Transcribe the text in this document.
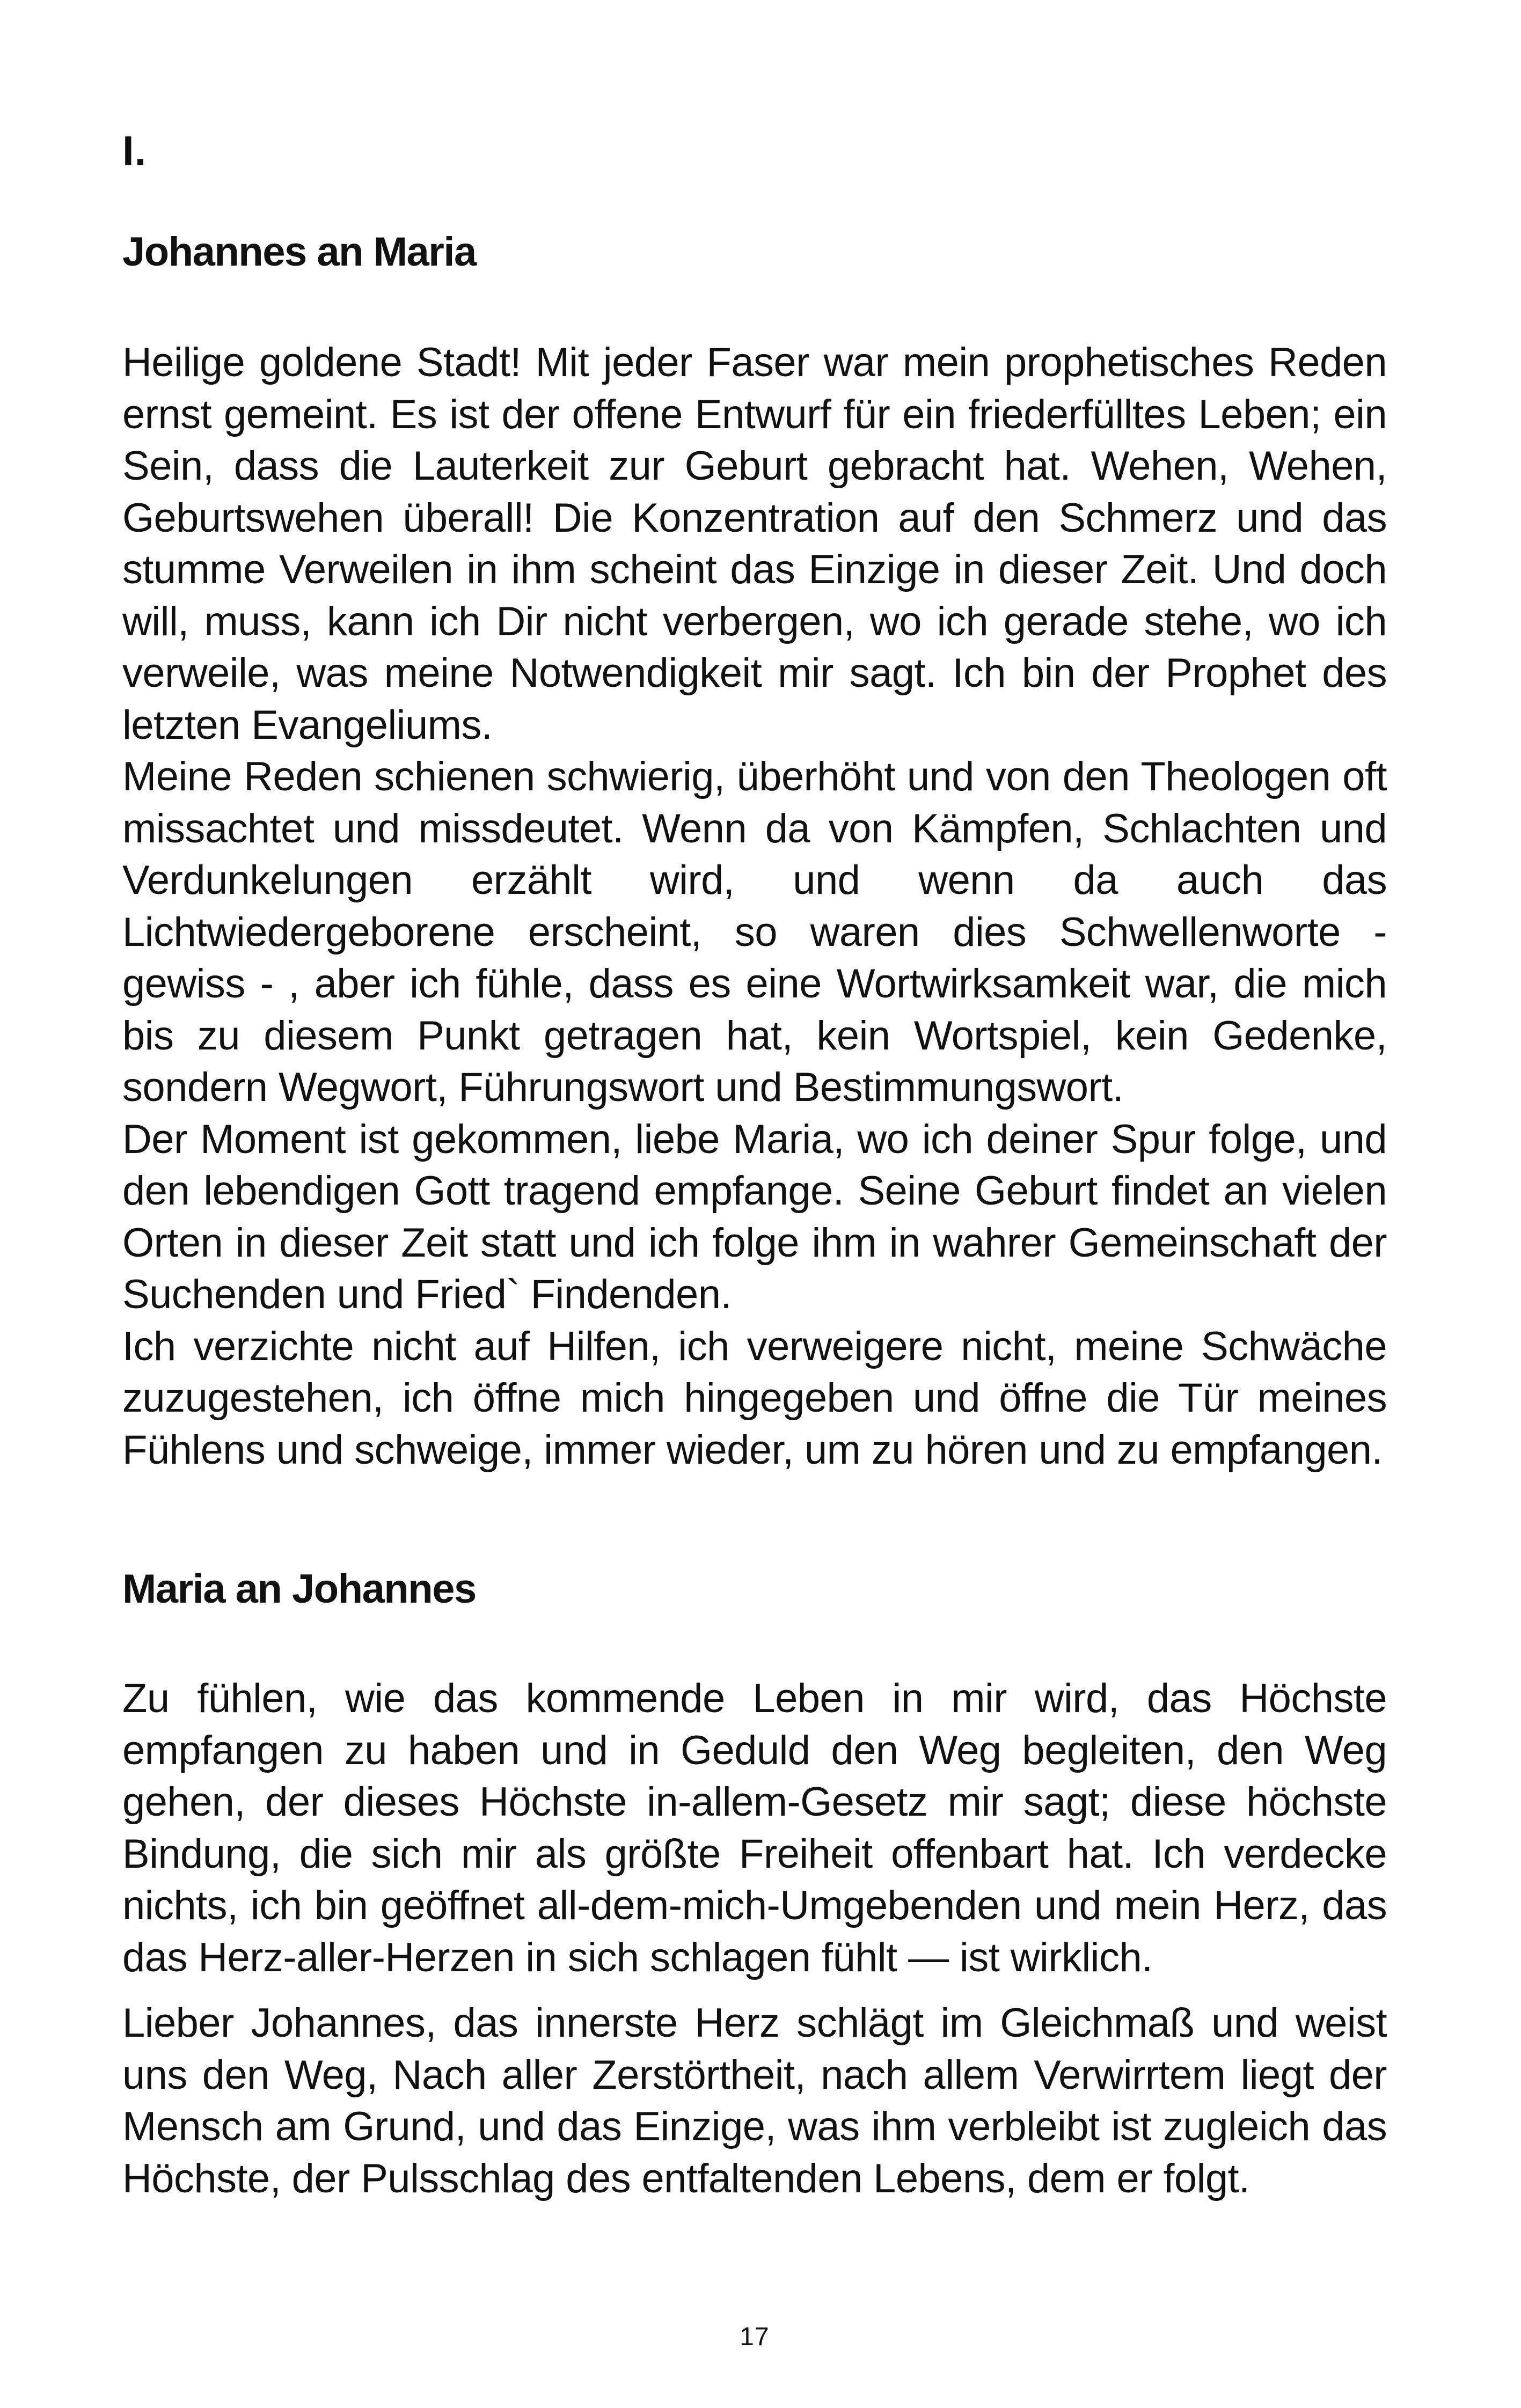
I.
Johannes an Maria

Heilige goldene Stadt! Mit jeder Faser war mein prophetisches Reden ernst gemeint. Es ist der offene Entwurf für ein friederfülltes Leben; ein Sein, dass die Lauterkeit zur Geburt gebracht hat. Wehen, Wehen, Geburtswehen überall! Die Konzentration auf den Schmerz und das stumme Verweilen in ihm scheint das Einzige in dieser Zeit. Und doch will, muss, kann ich Dir nicht verbergen, wo ich gerade stehe, wo ich verweile, was meine Notwendigkeit mir sagt. Ich bin der Prophet des letzten Evangeliums.

Meine Reden schienen schwierig, überhöht und von den Theologen oft missachtet und missdeutet. Wenn da von Kämpfen, Schlachten und Verdunkelungen erzählt wird, und wenn da auch das Lichtwiedergeborene erscheint, so waren dies Schwellenworte - gewiss - , aber ich fühle, dass es eine Wortwirksamkeit war, die mich bis zu diesem Punkt getragen hat, kein Wortspiel, kein Gedenke, sondern Wegwort, Führungswort und Bestimmungswort.

Der Moment ist gekommen, liebe Maria, wo ich deiner Spur folge, und den lebendigen Gott tragend empfange. Seine Geburt findet an vielen Orten in dieser Zeit statt und ich folge ihm in wahrer Gemeinschaft der Suchenden und Fried` Findenden.

Ich verzichte nicht auf Hilfen, ich verweigere nicht, meine Schwäche zuzugestehen, ich öffne mich hingegeben und öffne die Tür meines Fühlens und schweige, immer wieder, um zu hören und zu empfangen.

Maria an Johannes

Zu fühlen, wie das kommende Leben in mir wird, das Höchste empfangen zu haben und in Geduld den Weg begleiten, den Weg gehen, der dieses Höchste in-allem-Gesetz mir sagt; diese höchste Bindung, die sich mir als größte Freiheit offenbart hat. Ich verdecke nichts, ich bin geöffnet all-dem-mich-Umgebenden und mein Herz, das das Herz-aller-Herzen in sich schlagen fühlt — ist wirklich.

Lieber Johannes, das innerste Herz schlägt im Gleichmaß und weist uns den Weg, Nach aller Zerstörtheit, nach allem Verwirrtem liegt der Mensch am Grund, und das Einzige, was ihm verbleibt ist zugleich das Höchste, der Pulsschlag des entfaltenden Lebens, dem er folgt.

17
